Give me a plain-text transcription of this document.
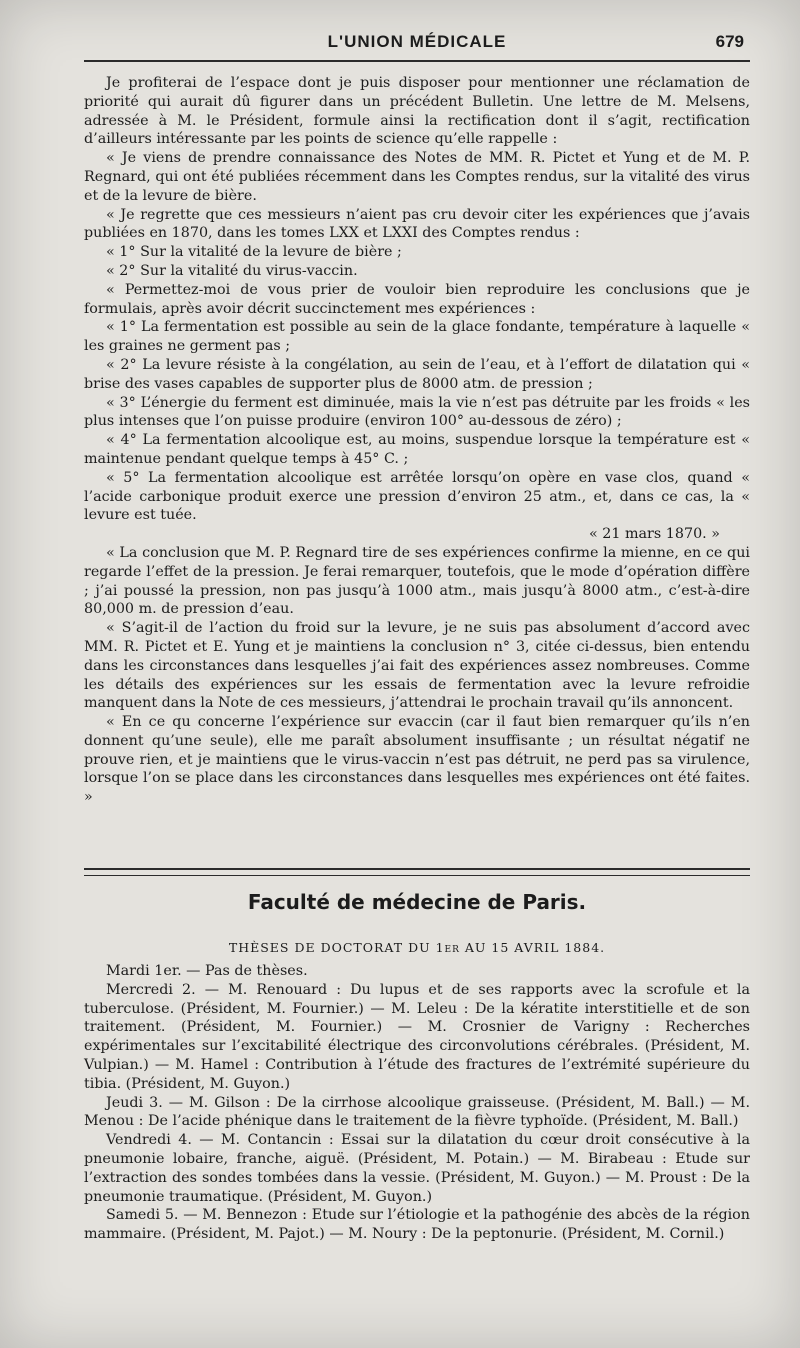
L'UNION MÉDICALE	679

Je profiterai de l’espace dont je puis disposer pour mentionner une réclamation de priorité qui aurait dû figurer dans un précédent Bulletin. Une lettre de M. Melsens, adressée à M. le Président, formule ainsi la rectification dont il s’agit, rectification d’ailleurs intéressante par les points de science qu’elle rappelle :

« Je viens de prendre connaissance des Notes de MM. R. Pictet et Yung et de M. P. Regnard, qui ont été publiées récemment dans les Comptes rendus, sur la vitalité des virus et de la levure de bière.

« Je regrette que ces messieurs n’aient pas cru devoir citer les expériences que j’avais publiées en 1870, dans les tomes LXX et LXXI des Comptes rendus :

« 1° Sur la vitalité de la levure de bière ;

« 2° Sur la vitalité du virus-vaccin.

« Permettez-moi de vous prier de vouloir bien reproduire les conclusions que je formulais, après avoir décrit succinctement mes expériences :

« 1° La fermentation est possible au sein de la glace fondante, température à laquelle « les graines ne germent pas ;

« 2° La levure résiste à la congélation, au sein de l’eau, et à l’effort de dilatation qui « brise des vases capables de supporter plus de 8000 atm. de pression ;

« 3° L’énergie du ferment est diminuée, mais la vie n’est pas détruite par les froids « les plus intenses que l’on puisse produire (environ 100° au-dessous de zéro) ;

« 4° La fermentation alcoolique est, au moins, suspendue lorsque la température est « maintenue pendant quelque temps à 45° C. ;

« 5° La fermentation alcoolique est arrêtée lorsqu’on opère en vase clos, quand « l’acide carbonique produit exerce une pression d’environ 25 atm., et, dans ce cas, la « levure est tuée.

« 21 mars 1870. »

« La conclusion que M. P. Regnard tire de ses expériences confirme la mienne, en ce qui regarde l’effet de la pression. Je ferai remarquer, toutefois, que le mode d’opération diffère ; j’ai poussé la pression, non pas jusqu’à 1000 atm., mais jusqu’à 8000 atm., c’est-à-dire 80,000 m. de pression d’eau.

« S’agit-il de l’action du froid sur la levure, je ne suis pas absolument d’accord avec MM. R. Pictet et E. Yung et je maintiens la conclusion n° 3, citée ci-dessus, bien entendu dans les circonstances dans lesquelles j’ai fait des expériences assez nombreuses. Comme les détails des expériences sur les essais de fermentation avec la levure refroidie manquent dans la Note de ces messieurs, j’attendrai le prochain travail qu’ils annoncent.

« En ce qu concerne l’expérience sur evaccin (car il faut bien remarquer qu’ils n’en donnent qu’une seule), elle me paraît absolument insuffisante ; un résultat négatif ne prouve rien, et je maintiens que le virus-vaccin n’est pas détruit, ne perd pas sa virulence, lorsque l’on se place dans les circonstances dans lesquelles mes expériences ont été faites. »

Faculté de médecine de Paris.
THÈSES DE DOCTORAT DU 1er AU 15 AVRIL 1884.

Mardi 1er. — Pas de thèses.

Mercredi 2. — M. Renouard : Du lupus et de ses rapports avec la scrofule et la tuberculose. (Président, M. Fournier.) — M. Leleu : De la kératite interstitielle et de son traitement. (Président, M. Fournier.) — M. Crosnier de Varigny : Recherches expérimentales sur l’excitabilité électrique des circonvolutions cérébrales. (Président, M. Vulpian.) — M. Hamel : Contribution à l’étude des fractures de l’extrémité supérieure du tibia. (Président, M. Guyon.)

Jeudi 3. — M. Gilson : De la cirrhose alcoolique graisseuse. (Président, M. Ball.) — M. Menou : De l’acide phénique dans le traitement de la fièvre typhoïde. (Président, M. Ball.)

Vendredi 4. — M. Contancin : Essai sur la dilatation du cœur droit consécutive à la pneumonie lobaire, franche, aiguë. (Président, M. Potain.) — M. Birabeau : Etude sur l’extraction des sondes tombées dans la vessie. (Président, M. Guyon.) — M. Proust : De la pneumonie traumatique. (Président, M. Guyon.)

Samedi 5. — M. Bennezon : Etude sur l’étiologie et la pathogénie des abcès de la région mammaire. (Président, M. Pajot.) — M. Noury : De la peptonurie. (Président, M. Cornil.)
